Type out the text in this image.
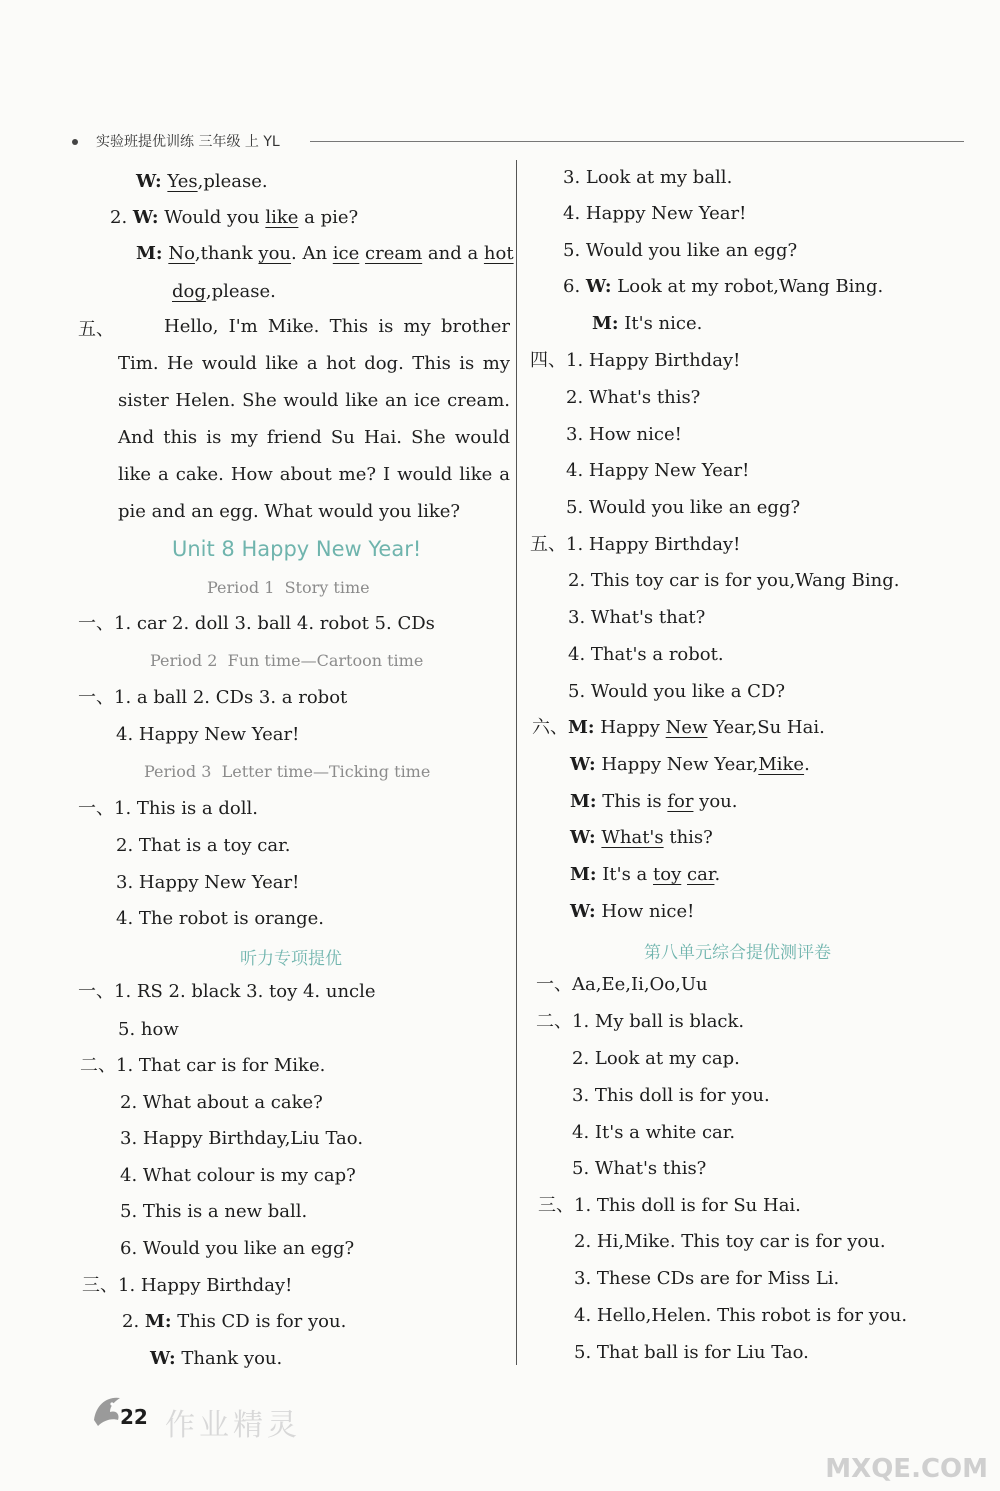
实验班提优训练 三年级 上 YL
W: Yes,please.
2. W: Would you like a pie?
M: No,thank you. An ice cream and a hot
dog,please.
五、	Hello, I'm Mike. This is my brother Tim. He would like a hot dog. This is my sister Helen. She would like an ice cream. And this is my friend Su Hai. She would like a cake. How about me? I would like a pie and an egg. What would you like?
Unit 8 Happy New Year!
Period 1 Story time
一、1. car 2. doll 3. ball 4. robot 5. CDs
Period 2 Fun time—Cartoon time
一、1. a ball 2. CDs 3. a robot
4. Happy New Year!
Period 3 Letter time—Ticking time
一、1. This is a doll.
2. That is a toy car.
3. Happy New Year!
4. The robot is orange.
听力专项提优
一、1. RS 2. black 3. toy 4. uncle
5. how
二、1. That car is for Mike.
2. What about a cake?
3. Happy Birthday,Liu Tao.
4. What colour is my cap?
5. This is a new ball.
6. Would you like an egg?
三、1. Happy Birthday!
2. M: This CD is for you.
W: Thank you.
3. Look at my ball.
4. Happy New Year!
5. Would you like an egg?
6. W: Look at my robot,Wang Bing.
M: It's nice.
四、1. Happy Birthday!
2. What's this?
3. How nice!
4. Happy New Year!
5. Would you like an egg?
五、1. Happy Birthday!
2. This toy car is for you,Wang Bing.
3. What's that?
4. That's a robot.
5. Would you like a CD?
六、M: Happy New Year,Su Hai.
W: Happy New Year,Mike.
M: This is for you.
W: What's this?
M: It's a toy car.
W: How nice!
第八单元综合提优测评卷
一、Aa,Ee,Ii,Oo,Uu
二、1. My ball is black.
2. Look at my cap.
3. This doll is for you.
4. It's a white car.
5. What's this?
三、1. This doll is for Su Hai.
2. Hi,Mike. This toy car is for you.
3. These CDs are for Miss Li.
4. Hello,Helen. This robot is for you.
5. That ball is for Liu Tao.
22 作业精灵
MXQE.COM
